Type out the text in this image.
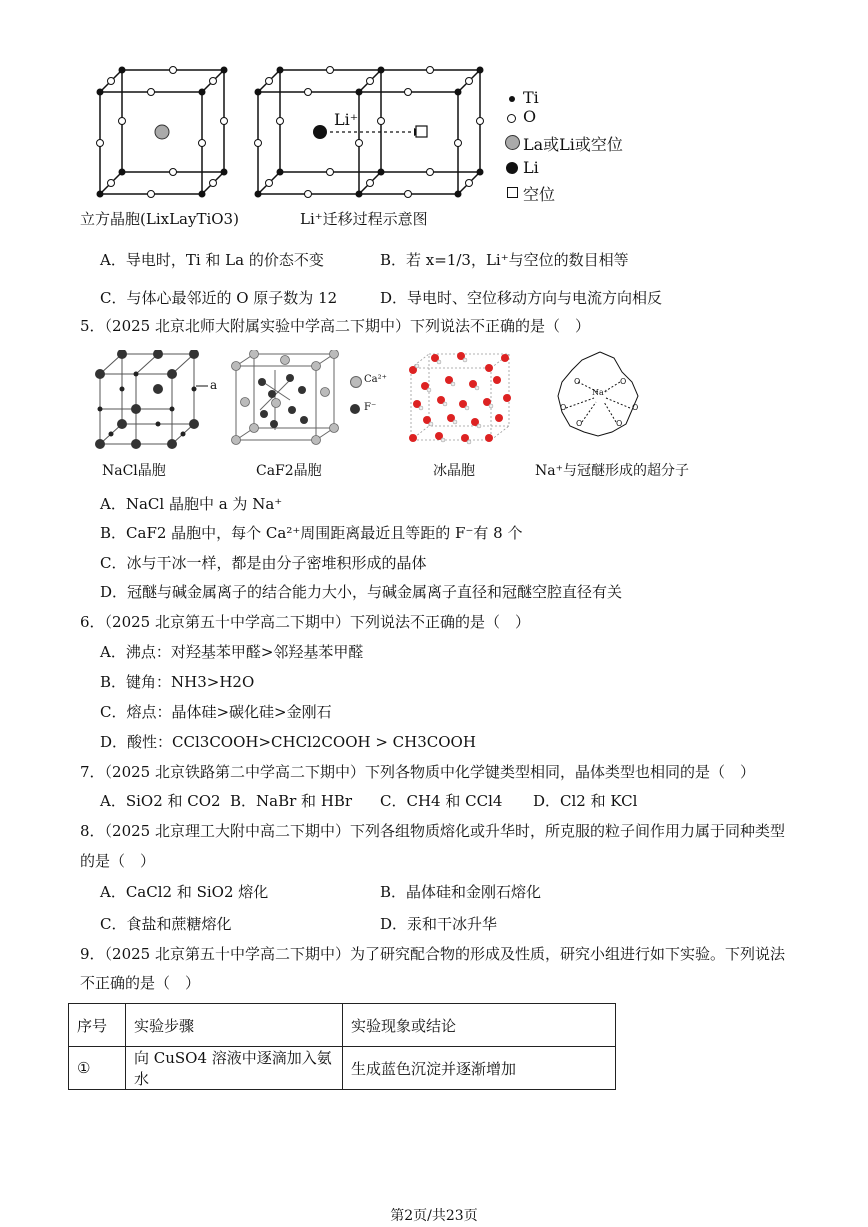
Li⁺
Ti
O
La或Li或空位
Li
空位
立方晶胞(LixLayTiO3)	Li⁺迁移过程示意图
A．导电时，Ti 和 La 的价态不变	B．若 x=1/3，Li⁺与空位的数目相等
C．与体心最邻近的 O 原子数为 12	D．导电时、空位移动方向与电流方向相反
5．（2025 北京北师大附属实验中学高二下期中）下列说法不正确的是（　）
a	Ca²⁺
F⁻
O	O
O	O
O	O
Na⁺
NaCl晶胞	CaF2晶胞	冰晶胞	Na⁺与冠醚形成的超分子
A．NaCl 晶胞中 a 为 Na⁺
B．CaF2 晶胞中，每个 Ca²⁺周围距离最近且等距的 F⁻有 8 个
C．冰与干冰一样，都是由分子密堆积形成的晶体
D．冠醚与碱金属离子的结合能力大小，与碱金属离子直径和冠醚空腔直径有关
6．（2025 北京第五十中学高二下期中）下列说法不正确的是（　）
A．沸点：对羟基苯甲醛>邻羟基苯甲醛
B．键角：NH3>H2O
C．熔点：晶体硅>碳化硅>金刚石
D．酸性：CCl3COOH>CHCl2COOH > CH3COOH
7．（2025 北京铁路第二中学高二下期中）下列各物质中化学键类型相同，晶体类型也相同的是（　）
A．SiO2 和 CO2 B．NaBr 和 HBr C．CH4 和 CCl4 D．Cl2 和 KCl
8．（2025 北京理工大附中高二下期中）下列各组物质熔化或升华时，所克服的粒子间作用力属于同种类型
的是（　）
A．CaCl2 和 SiO2 熔化	B．晶体硅和金刚石熔化
C．食盐和蔗糖熔化	D．汞和干冰升华
9．（2025 北京第五十中学高二下期中）为了研究配合物的形成及性质，研究小组进行如下实验。下列说法
不正确的是（　）
序号	实验步骤	实验现象或结论
①	向 CuSO4 溶液中逐滴加入氨水	生成蓝色沉淀并逐渐增加
第2页/共23页
